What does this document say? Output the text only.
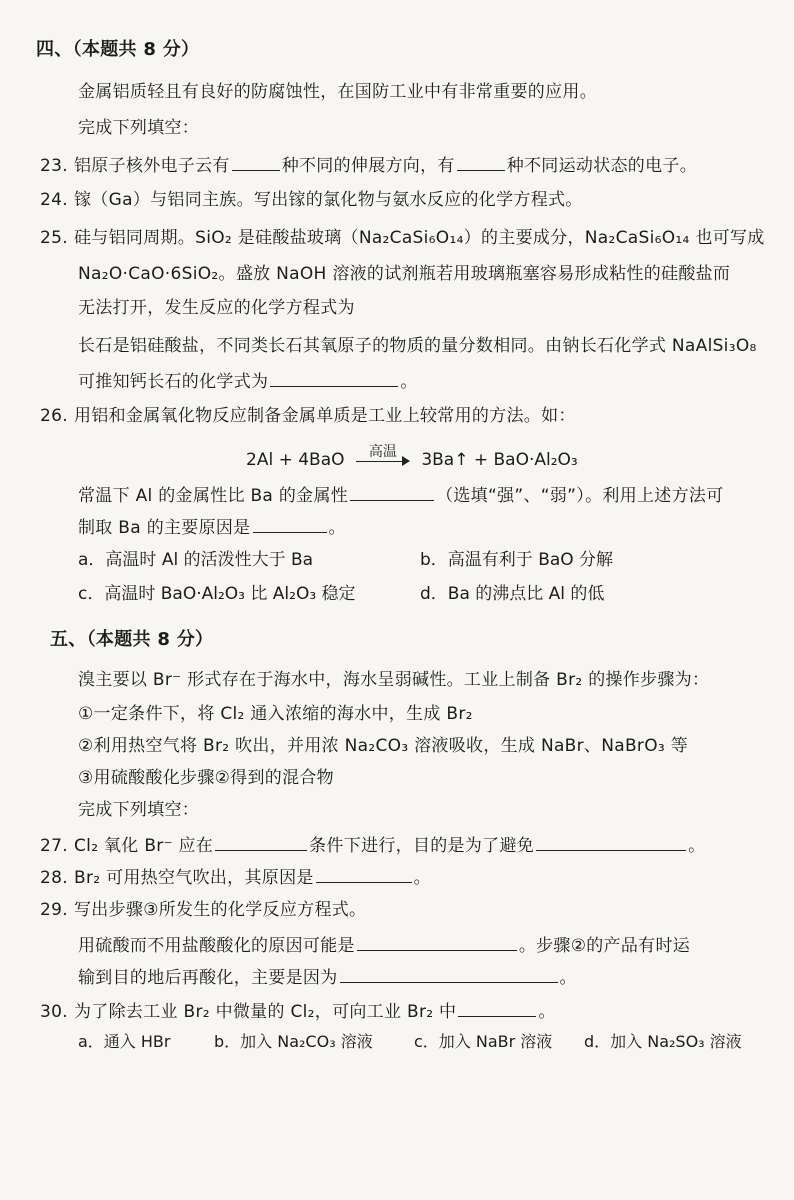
四、（本题共 8 分）
金属铝质轻且有良好的防腐蚀性，在国防工业中有非常重要的应用。
完成下列填空：
23. 铝原子核外电子云有	种不同的伸展方向，有	种不同运动状态的电子。
24. 镓（Ga）与铝同主族。写出镓的氯化物与氨水反应的化学方程式。
25. 硅与铝同周期。SiO₂ 是硅酸盐玻璃（Na₂CaSi₆O₁₄）的主要成分，Na₂CaSi₆O₁₄ 也可写成
Na₂O·CaO·6SiO₂。盛放 NaOH 溶液的试剂瓶若用玻璃瓶塞容易形成粘性的硅酸盐而
无法打开，发生反应的化学方程式为
长石是铝硅酸盐，不同类长石其氧原子的物质的量分数相同。由钠长石化学式 NaAlSi₃O₈
可推知钙长石的化学式为	。
26. 用铝和金属氧化物反应制备金属单质是工业上较常用的方法。如：
2Al + 4BaO	高温	3Ba↑ + BaO·Al₂O₃
常温下 Al 的金属性比 Ba 的金属性	（选填“强”、“弱”）。利用上述方法可
制取 Ba 的主要原因是	。
a．高温时 Al 的活泼性大于 Ba	b．高温有利于 BaO 分解
c．高温时 BaO·Al₂O₃ 比 Al₂O₃ 稳定	d．Ba 的沸点比 Al 的低
五、（本题共 8 分）
溴主要以 Br⁻ 形式存在于海水中，海水呈弱碱性。工业上制备 Br₂ 的操作步骤为：
①一定条件下，将 Cl₂ 通入浓缩的海水中，生成 Br₂
②利用热空气将 Br₂ 吹出，并用浓 Na₂CO₃ 溶液吸收，生成 NaBr、NaBrO₃ 等
③用硫酸酸化步骤②得到的混合物
完成下列填空：
27. Cl₂ 氧化 Br⁻ 应在	条件下进行，目的是为了避免	。
28. Br₂ 可用热空气吹出，其原因是	。
29. 写出步骤③所发生的化学反应方程式。
用硫酸而不用盐酸酸化的原因可能是	。步骤②的产品有时运
输到目的地后再酸化，主要是因为	。
30. 为了除去工业 Br₂ 中微量的 Cl₂，可向工业 Br₂ 中	。
a．通入 HBr	b．加入 Na₂CO₃ 溶液	c．加入 NaBr 溶液 d．加入 Na₂SO₃ 溶液
